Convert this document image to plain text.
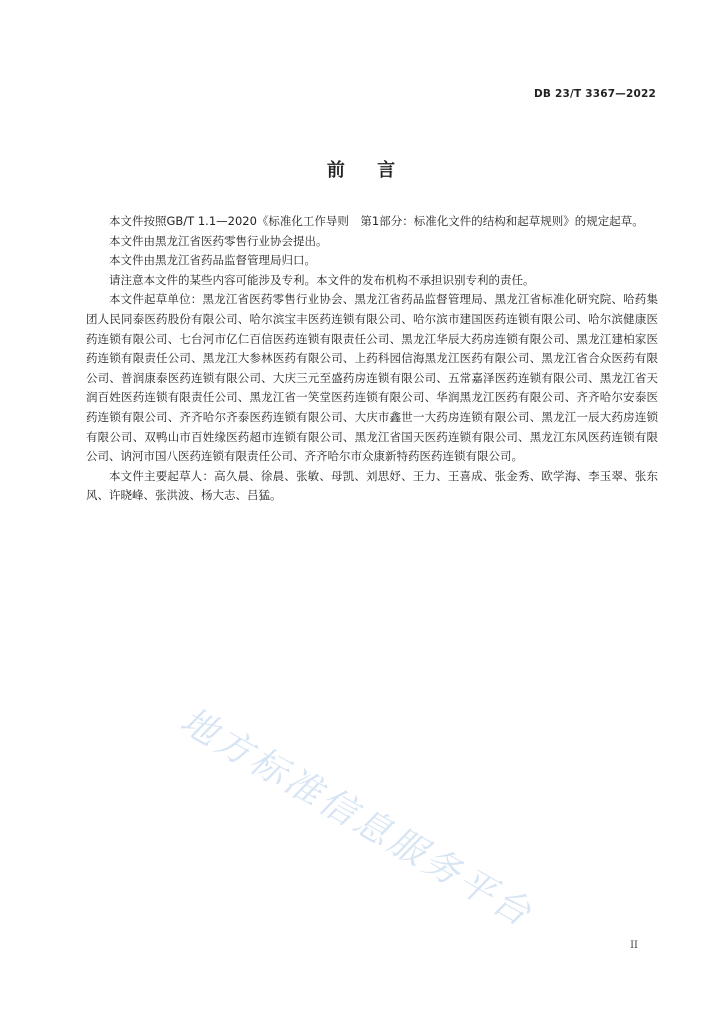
DB 23/T 3367—2022
前 言

本文件按照GB/T 1.1—2020《标准化工作导则　第1部分：标准化文件的结构和起草规则》的规定起草。

本文件由黑龙江省医药零售行业协会提出。

本文件由黑龙江省药品监督管理局归口。

请注意本文件的某些内容可能涉及专利。本文件的发布机构不承担识别专利的责任。

本文件起草单位：黑龙江省医药零售行业协会、黑龙江省药品监督管理局、黑龙江省标准化研究院、哈药集团人民同泰医药股份有限公司、哈尔滨宝丰医药连锁有限公司、哈尔滨市建国医药连锁有限公司、哈尔滨健康医药连锁有限公司、七台河市亿仁百信医药连锁有限责任公司、黑龙江华辰大药房连锁有限公司、黑龙江建柏家医药连锁有限责任公司、黑龙江大参林医药有限公司、上药科园信海黑龙江医药有限公司、黑龙江省合众医药有限公司、普润康泰医药连锁有限公司、大庆三元至盛药房连锁有限公司、五常嘉泽医药连锁有限公司、黑龙江省天润百姓医药连锁有限责任公司、黑龙江省一笑堂医药连锁有限公司、华润黑龙江医药有限公司、齐齐哈尔安泰医药连锁有限公司、齐齐哈尔齐泰医药连锁有限公司、大庆市鑫世一大药房连锁有限公司、黑龙江一辰大药房连锁有限公司、双鸭山市百姓缘医药超市连锁有限公司、黑龙江省国天医药连锁有限公司、黑龙江东风医药连锁有限公司、讷河市国八医药连锁有限责任公司、齐齐哈尔市众康新特药医药连锁有限公司。

本文件主要起草人：高久晨、徐晨、张敏、母凯、刘思妤、王力、王喜成、张金秀、欧学海、李玉翠、张东风、许晓峰、张洪波、杨大志、吕猛。

地方标准信息服务平台
II
